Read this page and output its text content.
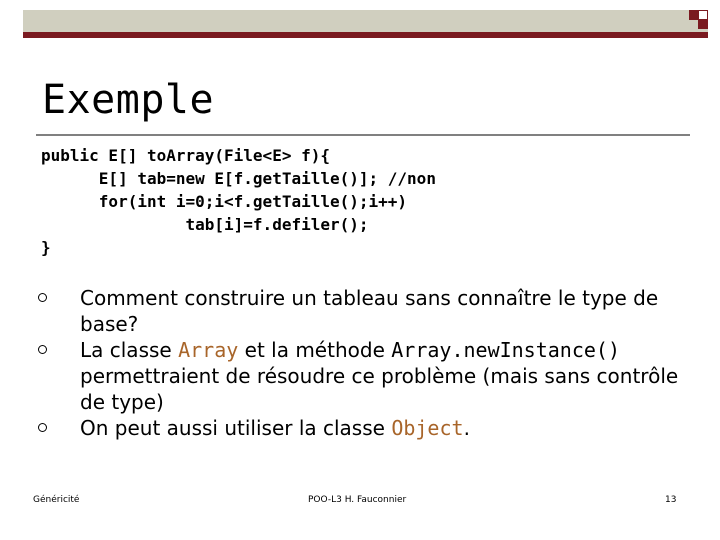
Exemple
public E[] toArray(File<E> f){
E[] tab=new E[f.getTaille()]; //non
for(int i=0;i<f.getTaille();i++)
tab[i]=f.defiler();
}
Comment construire un tableau sans connaître le type de base?
La classe Array et la méthode Array.newInstance() permettraient de résoudre ce problème (mais sans contrôle de type)
On peut aussi utiliser la classe Object.
Généricité	POO-L3 H. Fauconnier	13
